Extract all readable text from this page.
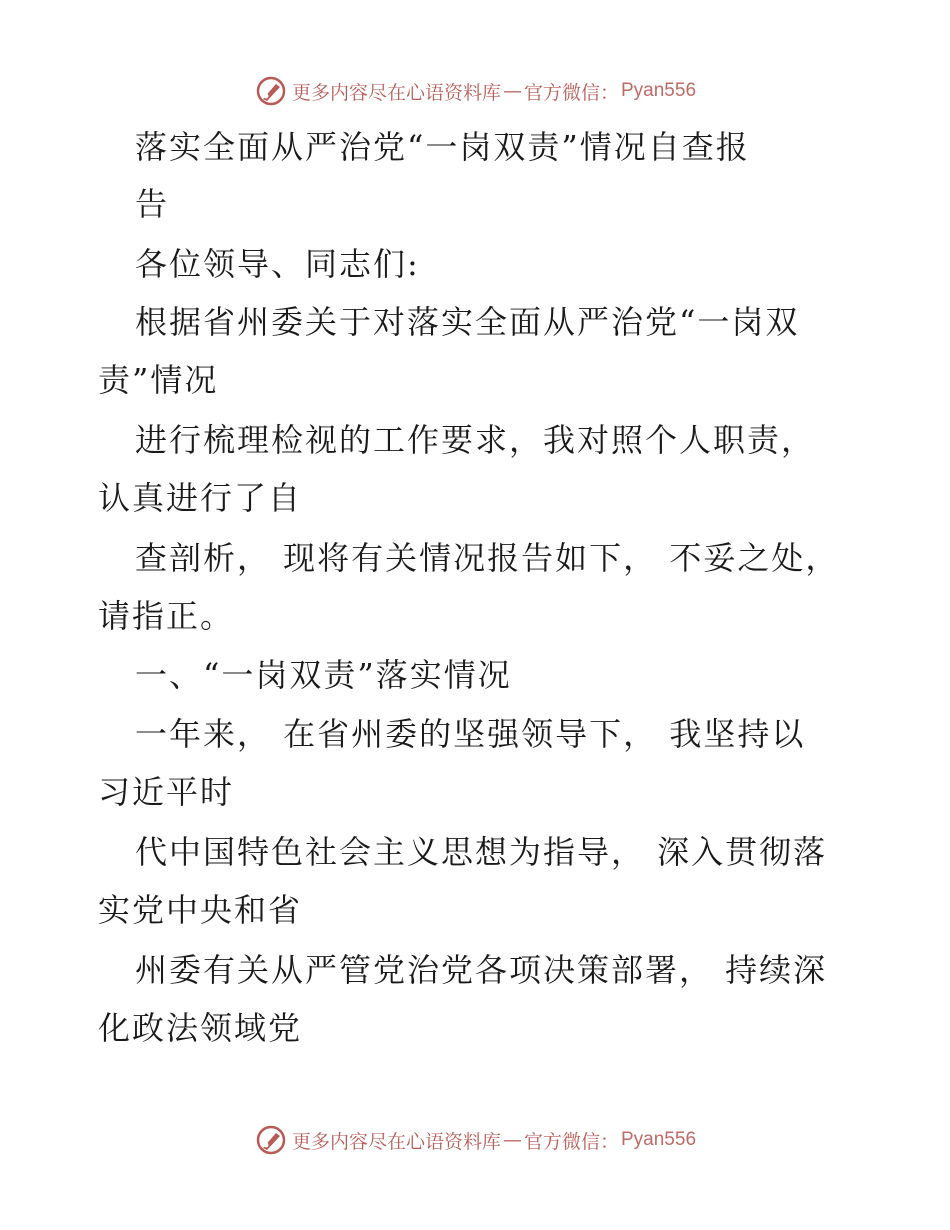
更多内容尽在心语资料库 — 官方微信： Pyan556
落实全面从严治党“一岗双责”情况自查报
告
各位领导、同志们:
根据省州委关于对落实全面从严治党“一岗双
责”情况
进行梳理检视的工作要求，我对照个人职责，
认真进行了自
查剖析， 现将有关情况报告如下， 不妥之处，
请指正。
一、“一岗双责”落实情况
一年来， 在省州委的坚强领导下， 我坚持以
习近平时
代中国特色社会主义思想为指导， 深入贯彻落
实党中央和省
州委有关从严管党治党各项决策部署， 持续深
化政法领域党
更多内容尽在心语资料库 — 官方微信： Pyan556
